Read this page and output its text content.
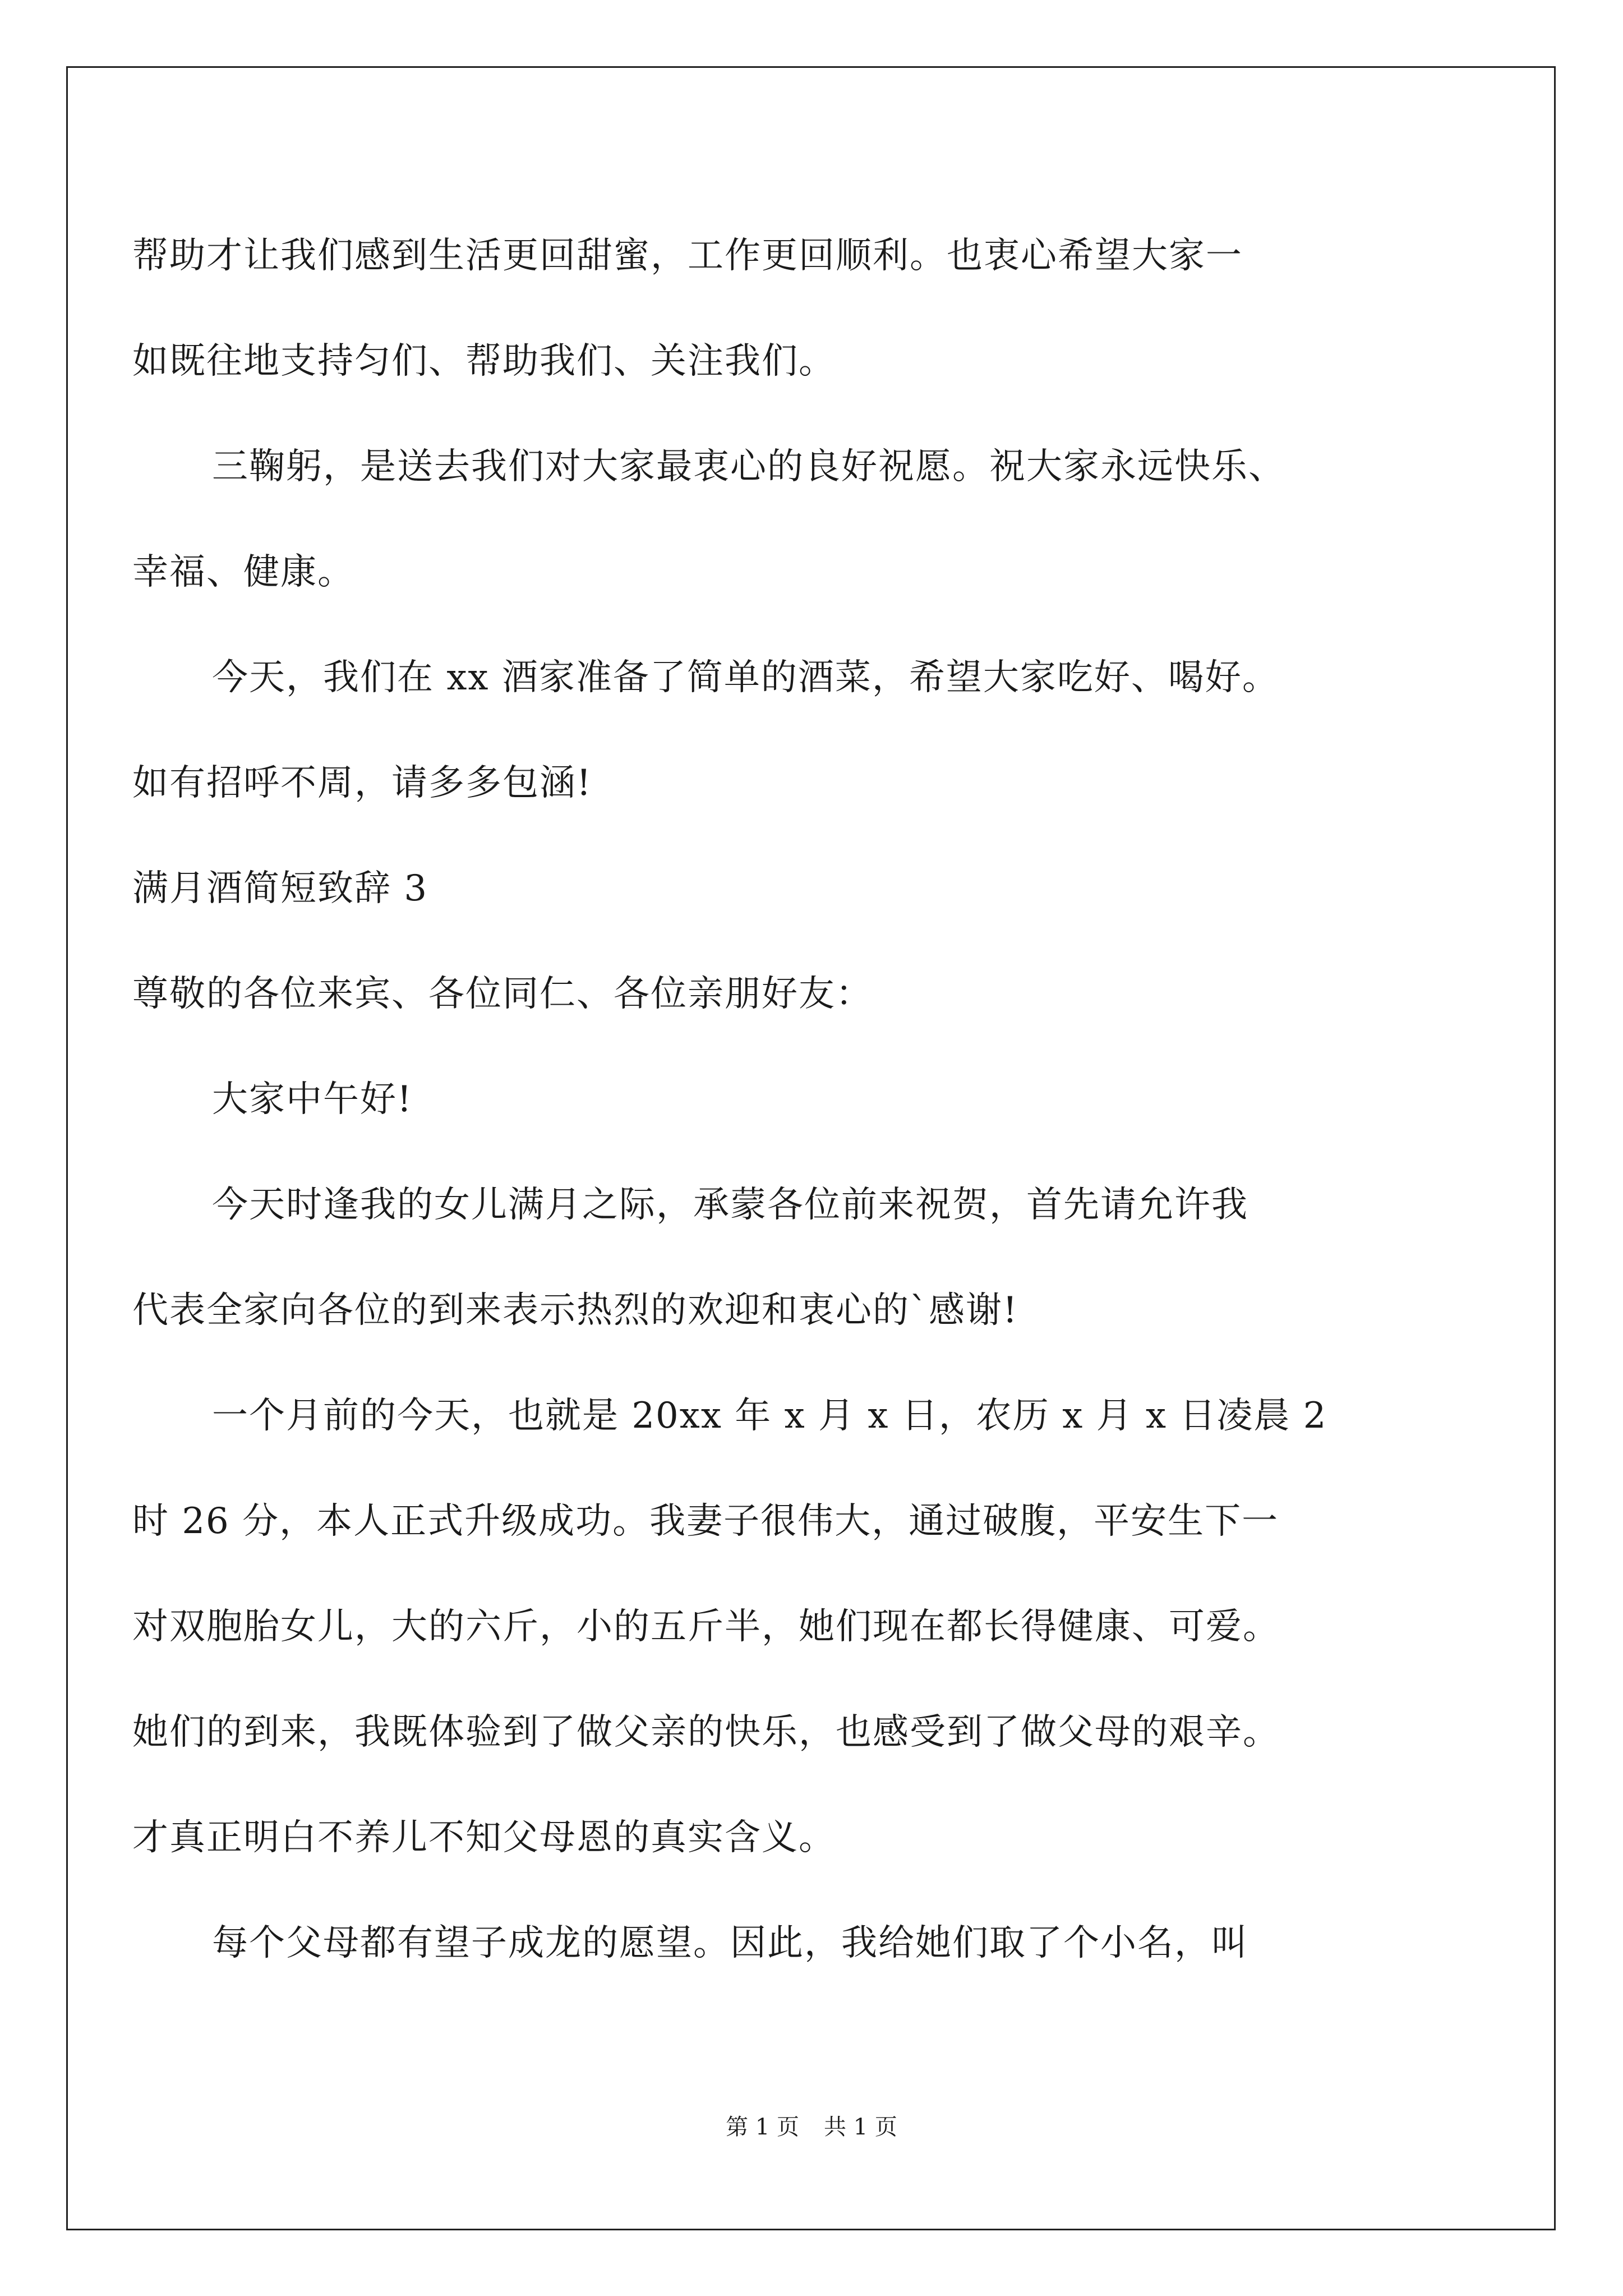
帮助才让我们感到生活更回甜蜜，工作更回顺利。也衷心希望大家一
如既往地支持匀们、帮助我们、关注我们。
三鞠躬，是送去我们对大家最衷心的良好祝愿。祝大家永远快乐、
幸福、健康。
今天，我们在 xx 酒家准备了简单的酒菜，希望大家吃好、喝好。
如有招呼不周，请多多包涵!
满月酒简短致辞 3
尊敬的各位来宾、各位同仁、各位亲朋好友：
大家中午好!
今天时逢我的女儿满月之际，承蒙各位前来祝贺，首先请允许我
代表全家向各位的到来表示热烈的欢迎和衷心的`感谢!
一个月前的今天，也就是 20xx 年 x 月 x 日，农历 x 月 x 日凌晨 2
时 26 分，本人正式升级成功。我妻子很伟大，通过破腹，平安生下一
对双胞胎女儿，大的六斤，小的五斤半，她们现在都长得健康、可爱。
她们的到来，我既体验到了做父亲的快乐，也感受到了做父母的艰辛。
才真正明白不养儿不知父母恩的真实含义。
每个父母都有望子成龙的愿望。因此，我给她们取了个小名，叫
第 1 页 共 1 页
